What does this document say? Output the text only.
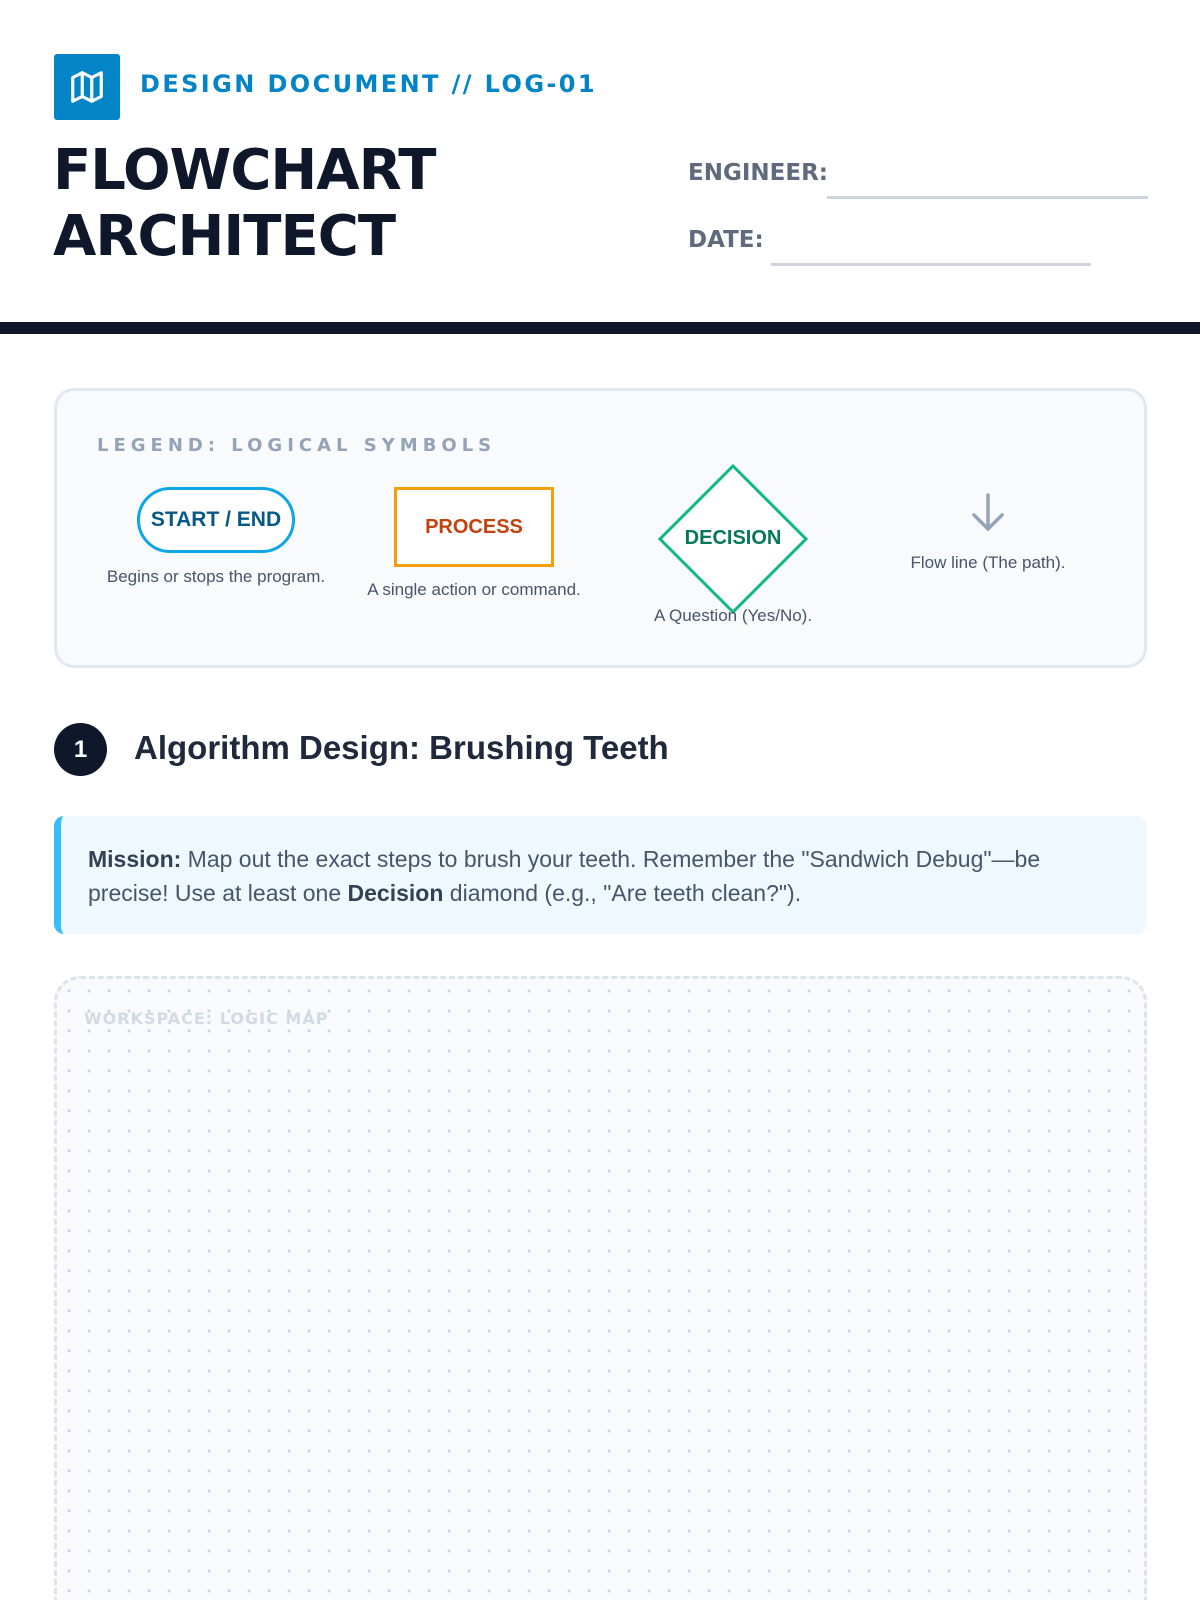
DESIGN DOCUMENT // LOG-01
FLOWCHART
ARCHITECT
ENGINEER:
DATE:
LEGEND: LOGICAL SYMBOLS
START / END
Begins or stops the program.
PROCESS
A single action or command.
DECISION
A Question (Yes/No).
Flow line (The path).
1	Algorithm Design: Brushing Teeth
Mission: Map out the exact steps to brush your teeth. Remember the "Sandwich Debug"—be precise! Use at least one Decision diamond (e.g., "Are teeth clean?").
WORKSPACE: LOGIC MAP
